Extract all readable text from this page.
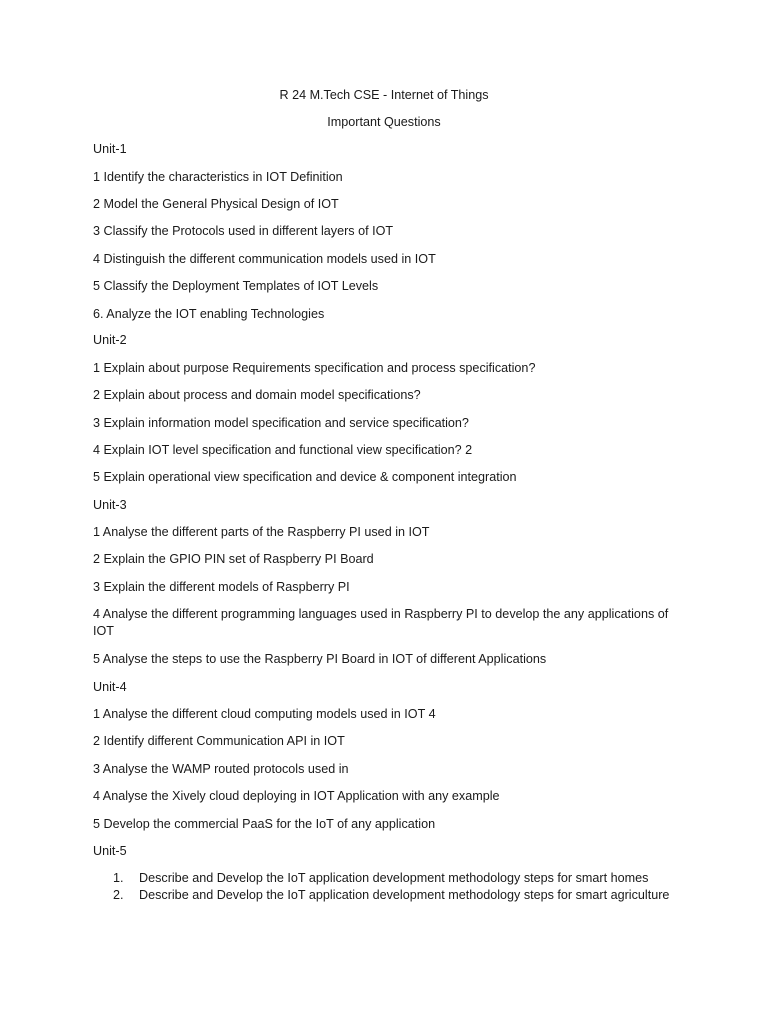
R 24 M.Tech CSE - Internet of Things
Important Questions
Unit-1
1 Identify the characteristics in IOT Definition
2 Model the General Physical Design of IOT
3 Classify the Protocols used in different layers of IOT
4 Distinguish the different communication models used in IOT
5 Classify the Deployment Templates of IOT Levels
6. Analyze the IOT enabling Technologies
Unit-2
1 Explain about purpose Requirements specification and process specification?
2 Explain about process and domain model specifications?
3 Explain information model specification and service specification?
4 Explain IOT level specification and functional view specification? 2
5 Explain operational view specification and device & component integration
Unit-3
1 Analyse the different parts of the Raspberry PI used in IOT
2 Explain the GPIO PIN set of Raspberry PI Board
3 Explain the different models of Raspberry PI
4 Analyse the different programming languages used in Raspberry PI to develop the any applications of IOT
5 Analyse the steps to use the Raspberry PI Board in IOT of different Applications
Unit-4
1 Analyse the different cloud computing models used in IOT 4
2 Identify different Communication API in IOT
3 Analyse the WAMP routed protocols used in
4 Analyse the Xively cloud deploying in IOT Application with any example
5 Develop the commercial PaaS for the IoT of any application
Unit-5
1.	Describe and Develop the IoT application development methodology steps for smart homes
2.	Describe and Develop the IoT application development methodology steps for smart agriculture
